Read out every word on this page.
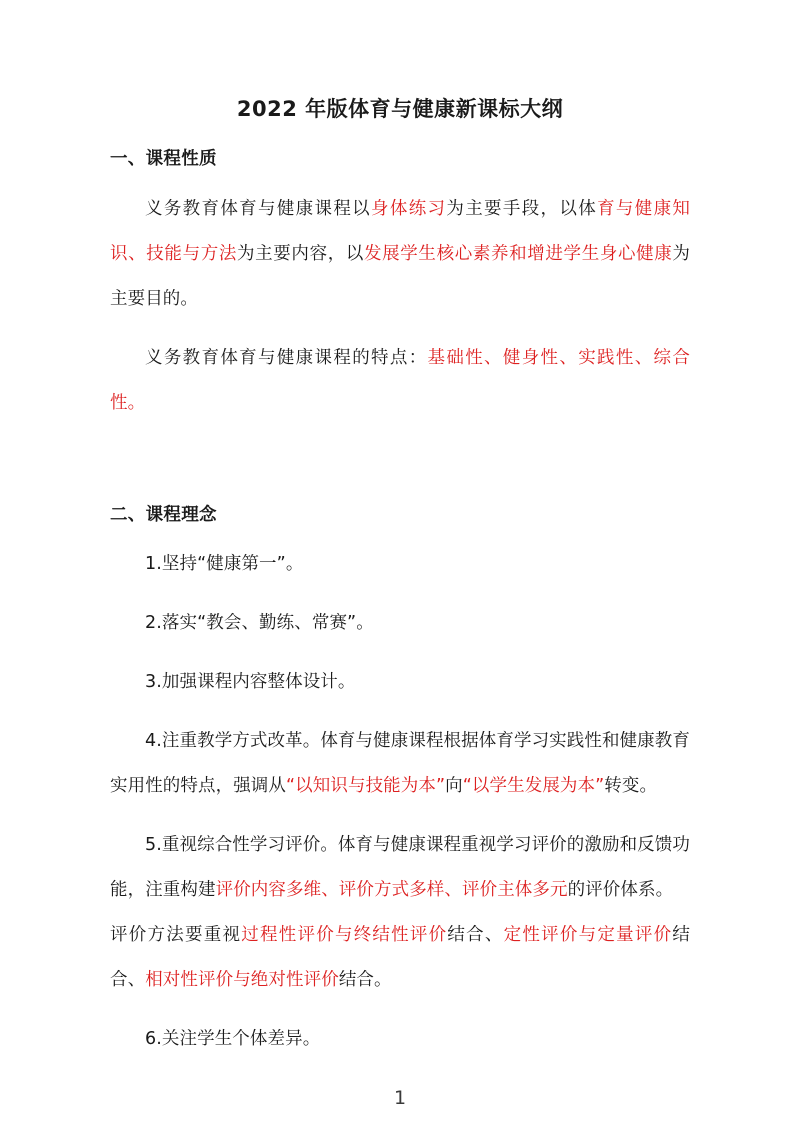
2022 年版体育与健康新课标大纲
一、课程性质

义务教育体育与健康课程以身体练习为主要手段，以体育与健康知识、技能与方法为主要内容，以发展学生核心素养和增进学生身心健康为主要目的。

义务教育体育与健康课程的特点：基础性、健身性、实践性、综合性。

二、课程理念

1.坚持“健康第一”。

2.落实“教会、勤练、常赛”。

3.加强课程内容整体设计。

4.注重教学方式改革。体育与健康课程根据体育学习实践性和健康教育实用性的特点，强调从“以知识与技能为本”向“以学生发展为本”转变。

5.重视综合性学习评价。体育与健康课程重视学习评价的激励和反馈功能，注重构建评价内容多维、评价方式多样、评价主体多元的评价体系。

评价方法要重视过程性评价与终结性评价结合、定性评价与定量评价结合、相对性评价与绝对性评价结合。

6.关注学生个体差异。

1
